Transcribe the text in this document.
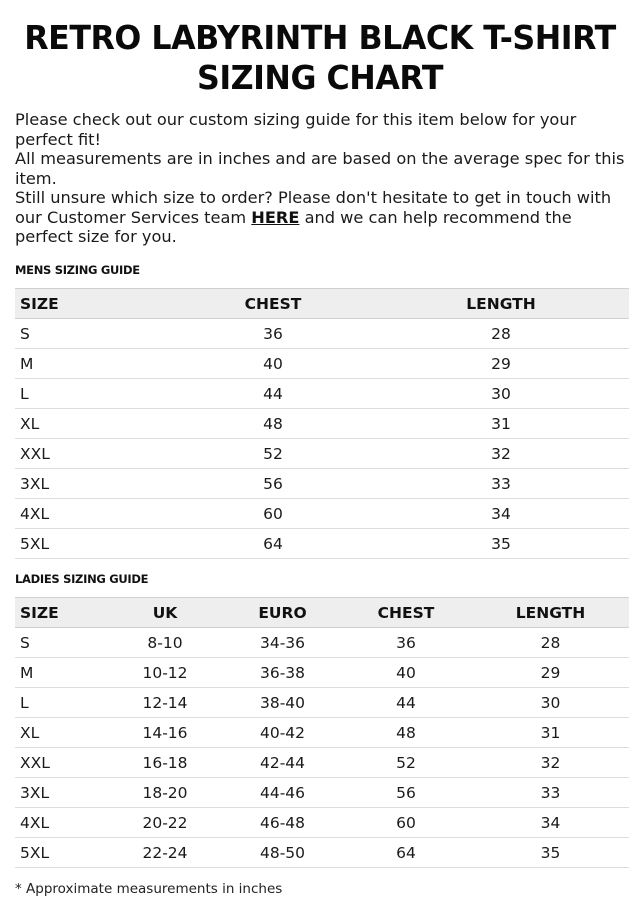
RETRO LABYRINTH BLACK T-SHIRT
SIZING CHART

Please check out our custom sizing guide for this item below for your perfect fit!

All measurements are in inches and are based on the average spec for this item.

Still unsure which size to order? Please don't hesitate to get in touch with our Customer Services team HERE and we can help recommend the perfect size for you.

MENS SIZING GUIDE
SIZE	CHEST	LENGTH
S	36	28
M	40	29
L	44	30
XL	48	31
XXL	52	32
3XL	56	33
4XL	60	34
5XL	64	35
LADIES SIZING GUIDE
SIZE	UK	EURO	CHEST	LENGTH
S	8-10	34-36	36	28
M	10-12	36-38	40	29
L	12-14	38-40	44	30
XL	14-16	40-42	48	31
XXL	16-18	42-44	52	32
3XL	18-20	44-46	56	33
4XL	20-22	46-48	60	34
5XL	22-24	48-50	64	35

* Approximate measurements in inches
